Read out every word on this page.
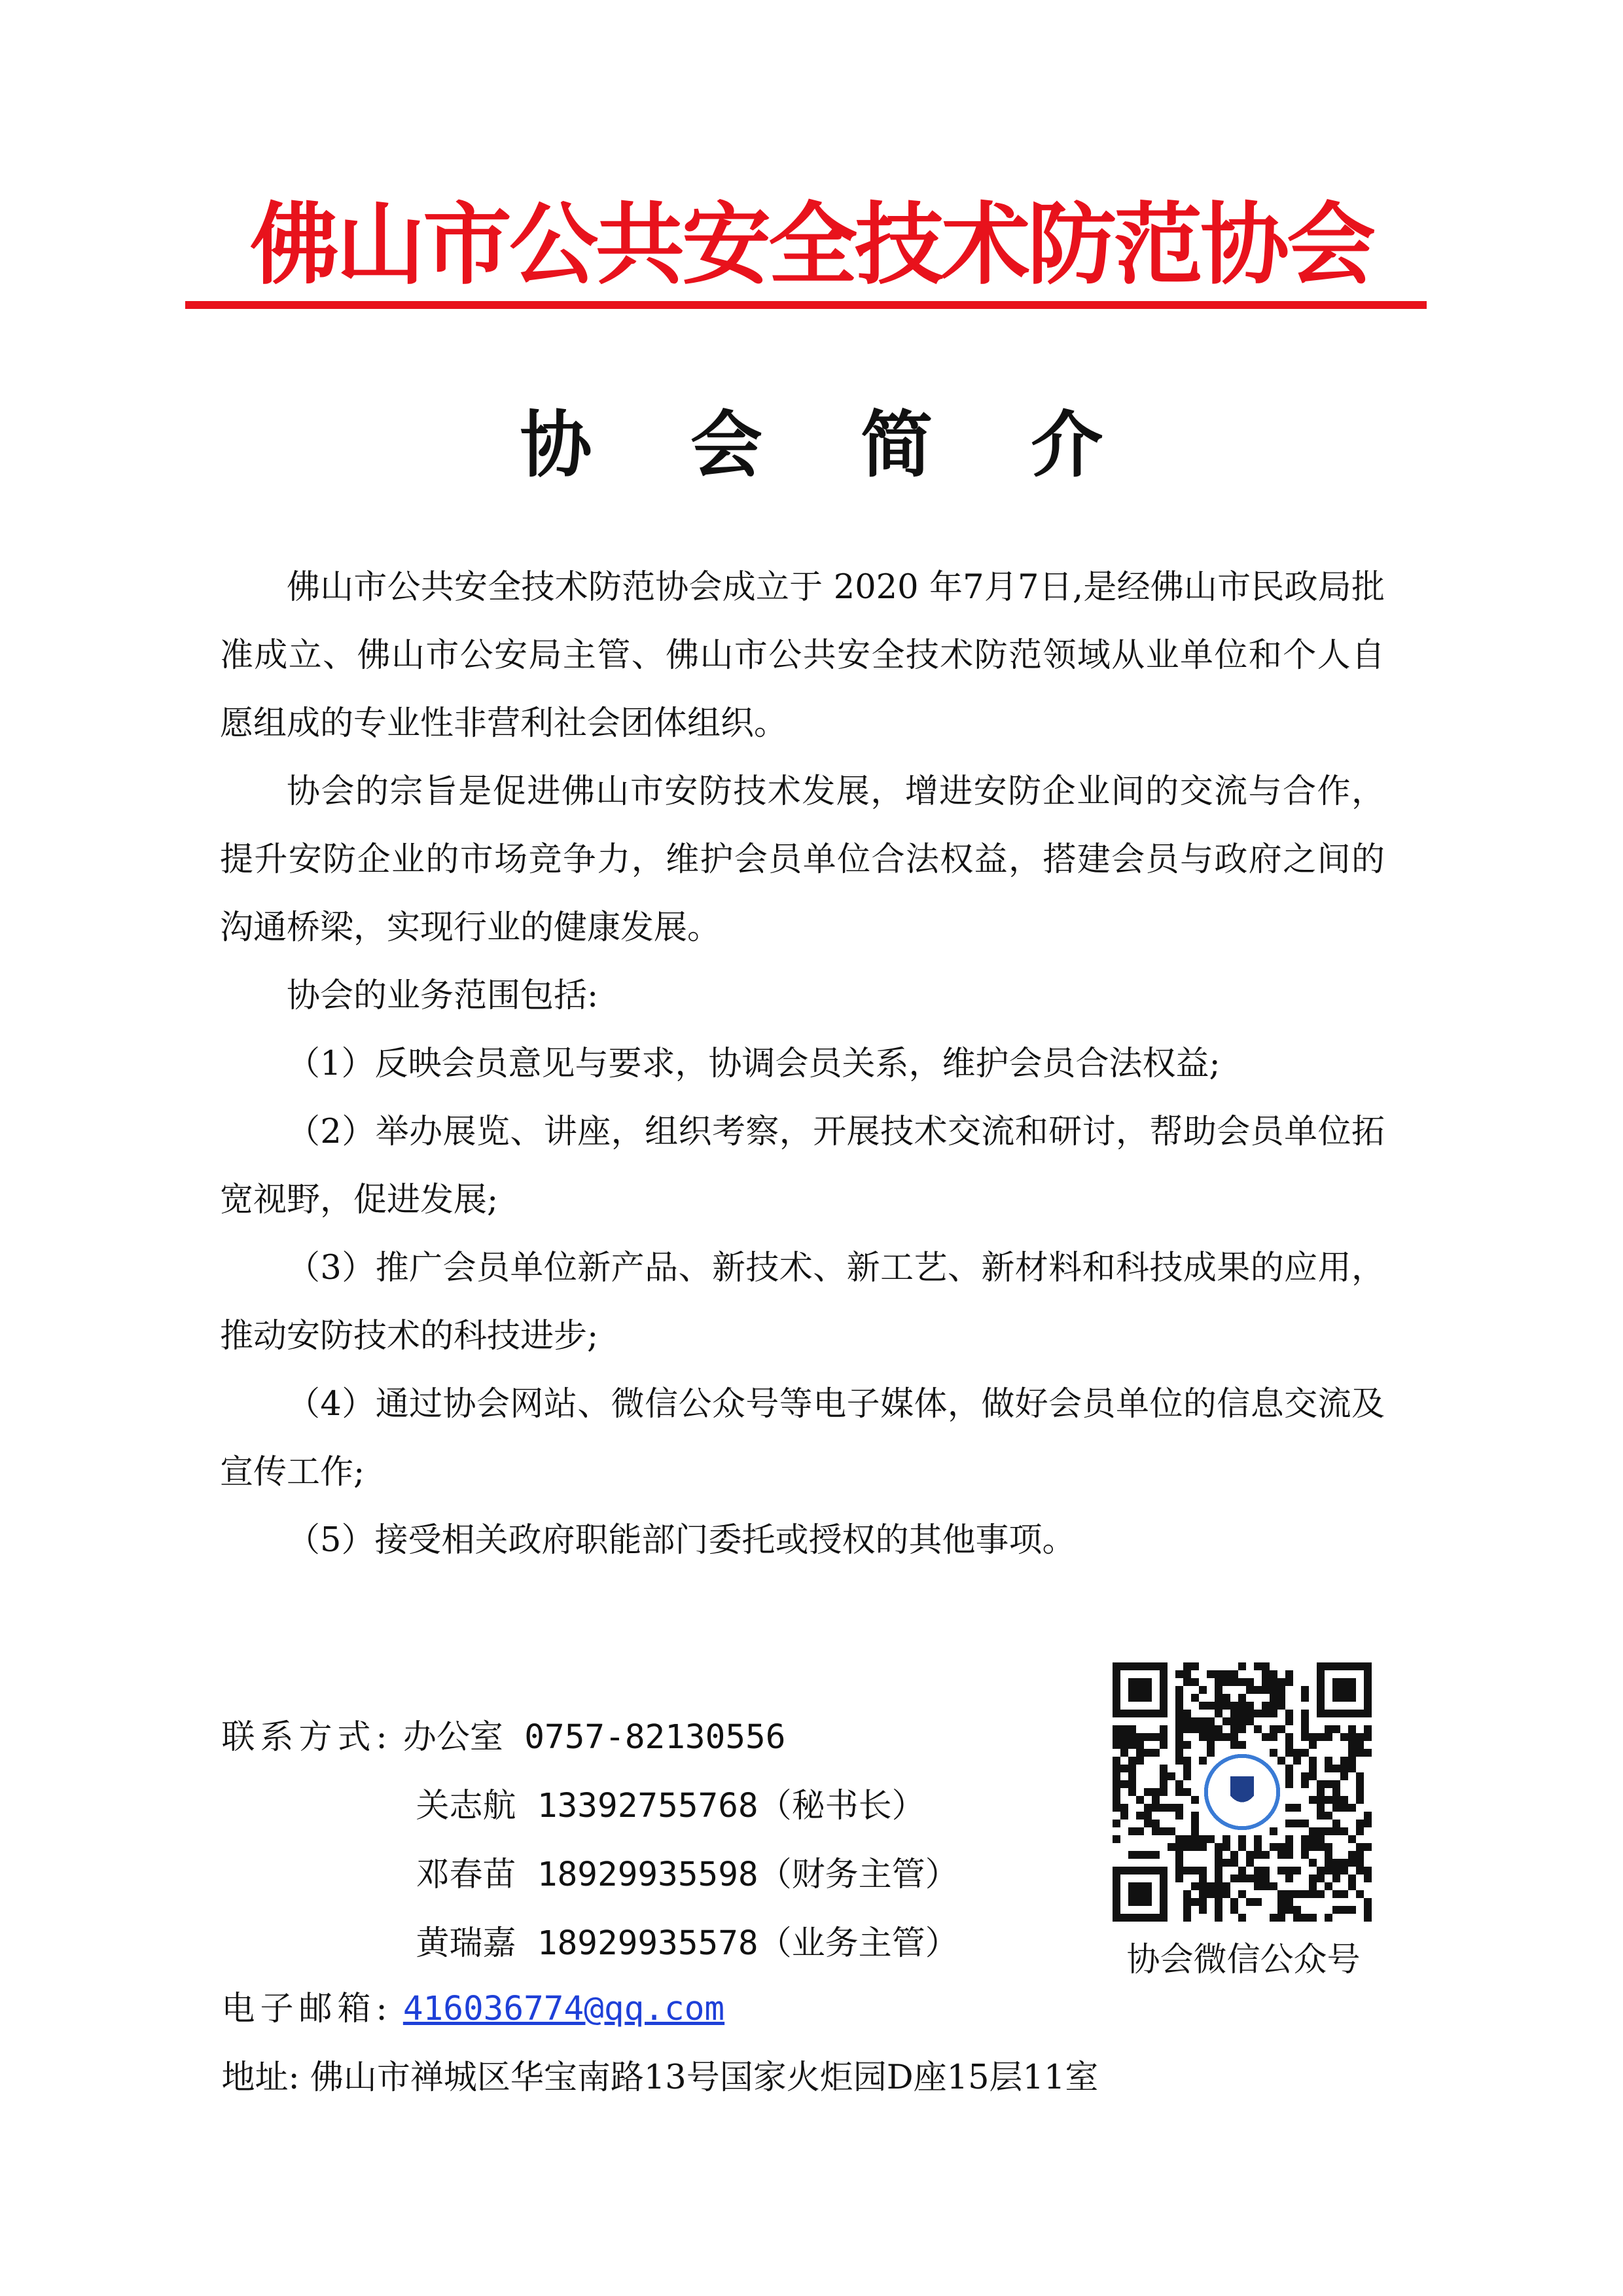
佛山市公共安全技术防范协会
协 会 简 介

佛山市公共安全技术防范协会成立于 2020 年7月7日,是经佛山市民政局批准成立、佛山市公安局主管、佛山市公共安全技术防范领域从业单位和个人自愿组成的专业性非营利社会团体组织。

协会的宗旨是促进佛山市安防技术发展，增进安防企业间的交流与合作，提升安防企业的市场竞争力，维护会员单位合法权益，搭建会员与政府之间的沟通桥梁，实现行业的健康发展。

协会的业务范围包括:

（1）反映会员意见与要求，协调会员关系，维护会员合法权益;

（2）举办展览、讲座，组织考察，开展技术交流和研讨，帮助会员单位拓宽视野，促进发展;

（3）推广会员单位新产品、新技术、新工艺、新材料和科技成果的应用，推动安防技术的科技进步;

（4）通过协会网站、微信公众号等电子媒体，做好会员单位的信息交流及宣传工作;

（5）接受相关政府职能部门委托或授权的其他事项。

联系方式: 办公室 0757-82130556

关志航 13392755768（秘书长）

邓春苗 18929935598（财务主管）

黄瑞嘉 18929935578（业务主管）

电子邮箱: 416036774@qq.com

地址: 佛山市禅城区华宝南路13号国家火炬园D座15层11室

协会微信公众号
